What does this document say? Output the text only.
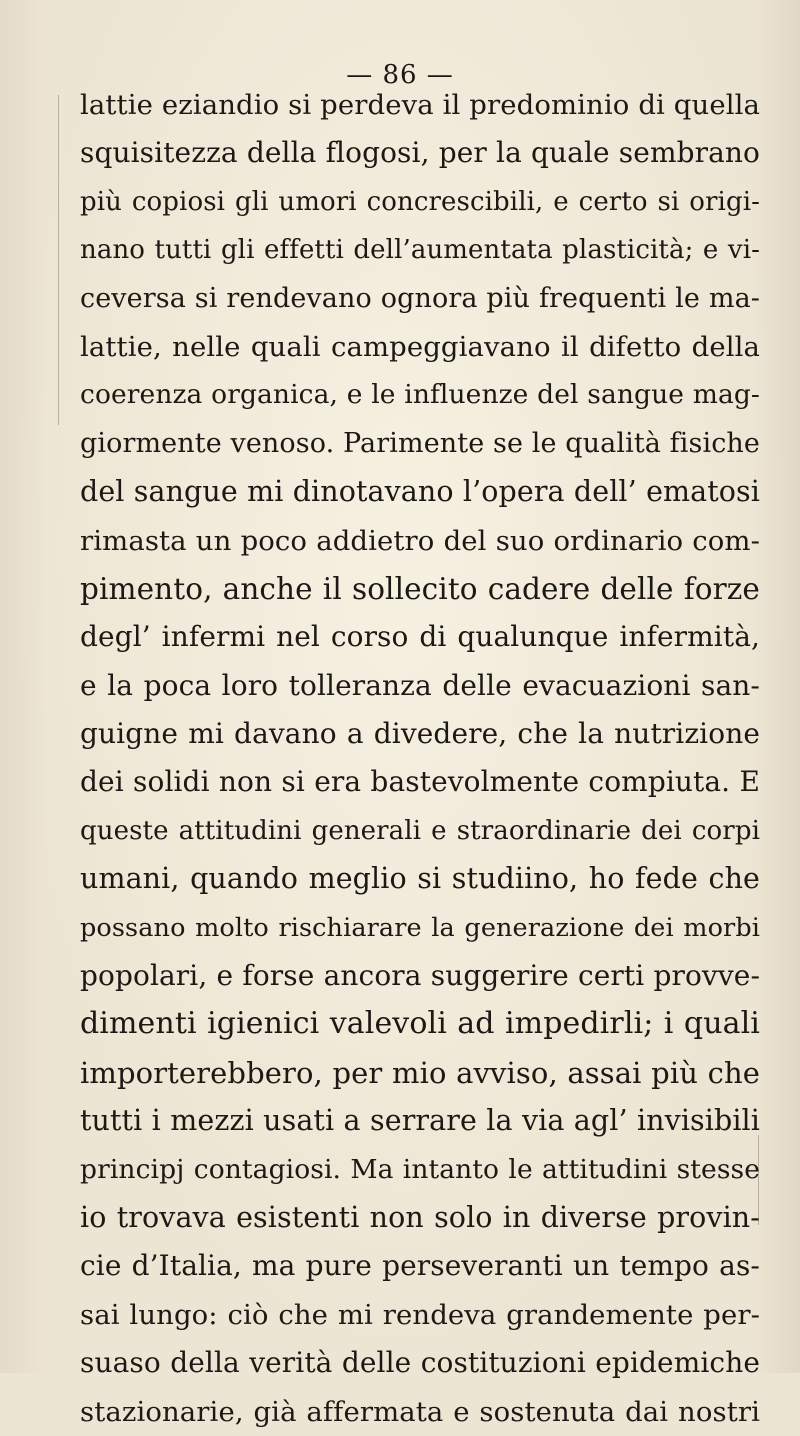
— 86 —
lattie eziandio si perdeva il predominio di quella
squisitezza della flogosi, per la quale sembrano
più copiosi gli umori concrescibili, e certo si origi-
nano tutti gli effetti dell’aumentata plasticità; e vi-
ceversa si rendevano ognora più frequenti le ma-
lattie, nelle quali campeggiavano il difetto della
coerenza organica, e le influenze del sangue mag-
giormente venoso. Parimente se le qualità fisiche
del sangue mi dinotavano l’opera dell’ ematosi
rimasta un poco addietro del suo ordinario com-
pimento, anche il sollecito cadere delle forze
degl’ infermi nel corso di qualunque infermità,
e la poca loro tolleranza delle evacuazioni san-
guigne mi davano a divedere, che la nutrizione
dei solidi non si era bastevolmente compiuta. E
queste attitudini generali e straordinarie dei corpi
umani, quando meglio si studiino, ho fede che
possano molto rischiarare la generazione dei morbi
popolari, e forse ancora suggerire certi provve-
dimenti igienici valevoli ad impedirli; i quali
importerebbero, per mio avviso, assai più che
tutti i mezzi usati a serrare la via agl’ invisibili
principj contagiosi. Ma intanto le attitudini stesse
io trovava esistenti non solo in diverse provin-
cie d’Italia, ma pure perseveranti un tempo as-
sai lungo: ciò che mi rendeva grandemente per-
suaso della verità delle costituzioni epidemiche
stazionarie, già affermata e sostenuta dai nostri
